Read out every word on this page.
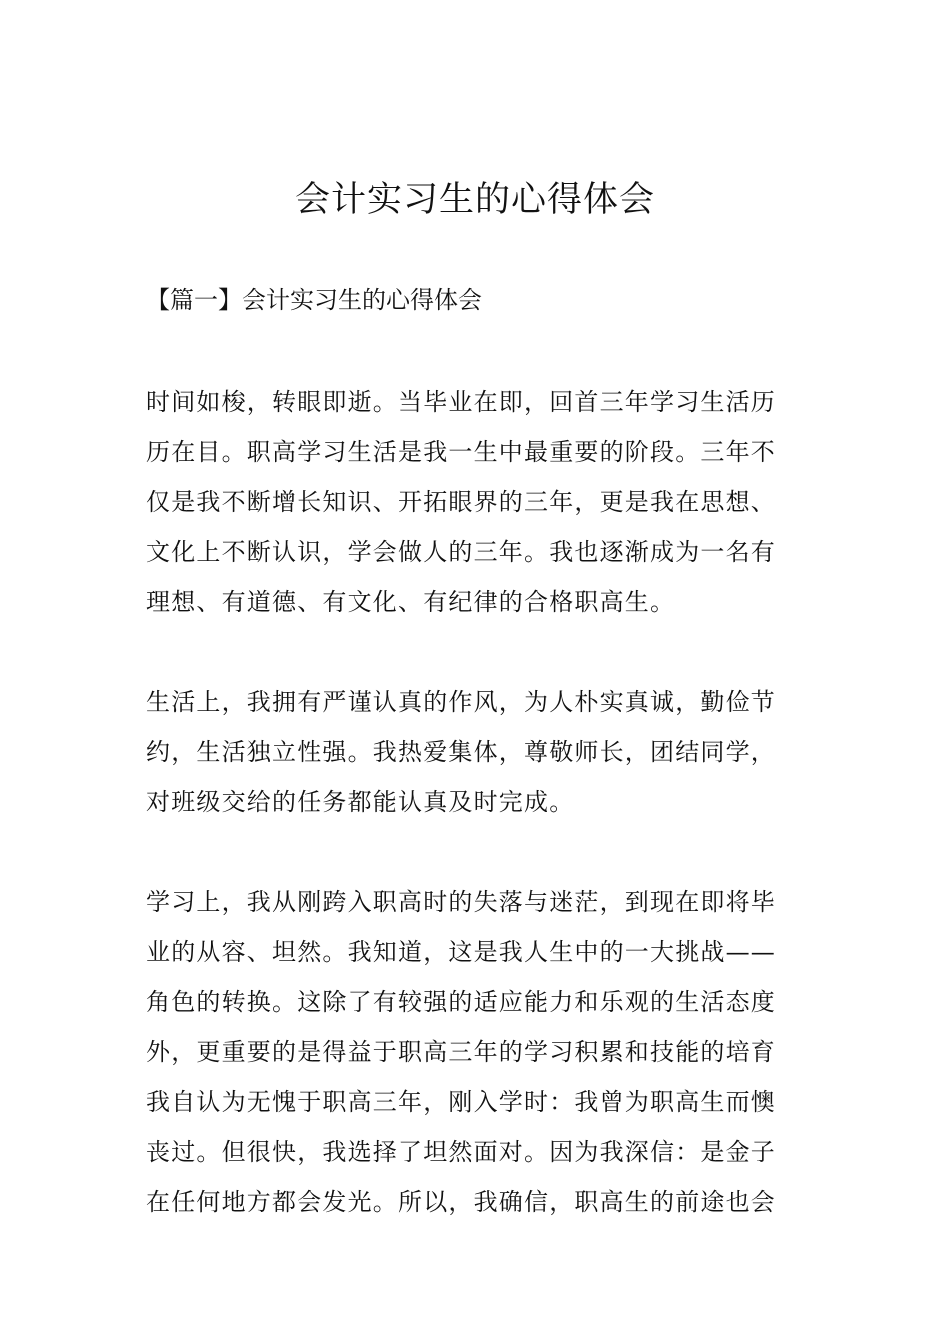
会计实习生的心得体会
【篇一】会计实习生的心得体会

时间如梭，转眼即逝。当毕业在即，回首三年学习生活历
历在目。职高学习生活是我一生中最重要的阶段。三年不
仅是我不断增长知识、开拓眼界的三年，更是我在思想、
文化上不断认识，学会做人的三年。我也逐渐成为一名有
理想、有道德、有文化、有纪律的合格职高生。

生活上，我拥有严谨认真的作风，为人朴实真诚，勤俭节
约，生活独立性强。我热爱集体，尊敬师长，团结同学，
对班级交给的任务都能认真及时完成。

学习上，我从刚跨入职高时的失落与迷茫，到现在即将毕
业的从容、坦然。我知道，这是我人生中的一大挑战——
角色的转换。这除了有较强的适应能力和乐观的生活态度
外，更重要的是得益于职高三年的学习积累和技能的培育
我自认为无愧于职高三年，刚入学时：我曾为职高生而懊
丧过。但很快，我选择了坦然面对。因为我深信：是金子
在任何地方都会发光。所以，我确信，职高生的前途也会
